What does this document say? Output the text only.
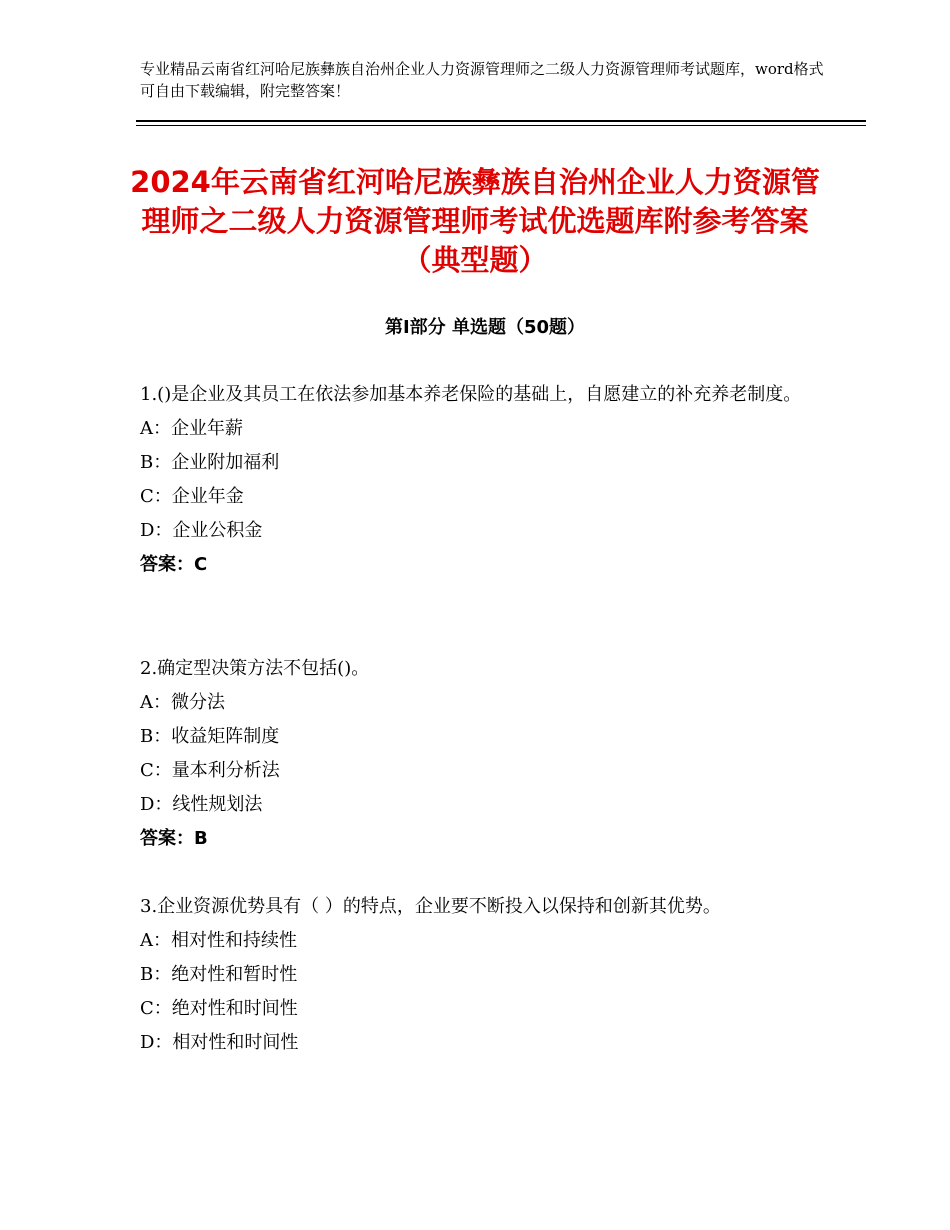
专业精品云南省红河哈尼族彝族自治州企业人力资源管理师之二级人力资源管理师考试题库，word格式可自由下载编辑，附完整答案！
2024年云南省红河哈尼族彝族自治州企业人力资源管理师之二级人力资源管理师考试优选题库附参考答案（典型题）
第Ⅰ部分 单选题（50题）

1.()是企业及其员工在依法参加基本养老保险的基础上，自愿建立的补充养老制度。

A：企业年薪

B：企业附加福利

C：企业年金

D：企业公积金

答案：C

2.确定型决策方法不包括()。

A：微分法

B：收益矩阵制度

C：量本利分析法

D：线性规划法

答案：B

3.企业资源优势具有（ ）的特点，企业要不断投入以保持和创新其优势。

A：相对性和持续性

B：绝对性和暂时性

C：绝对性和时间性

D：相对性和时间性
